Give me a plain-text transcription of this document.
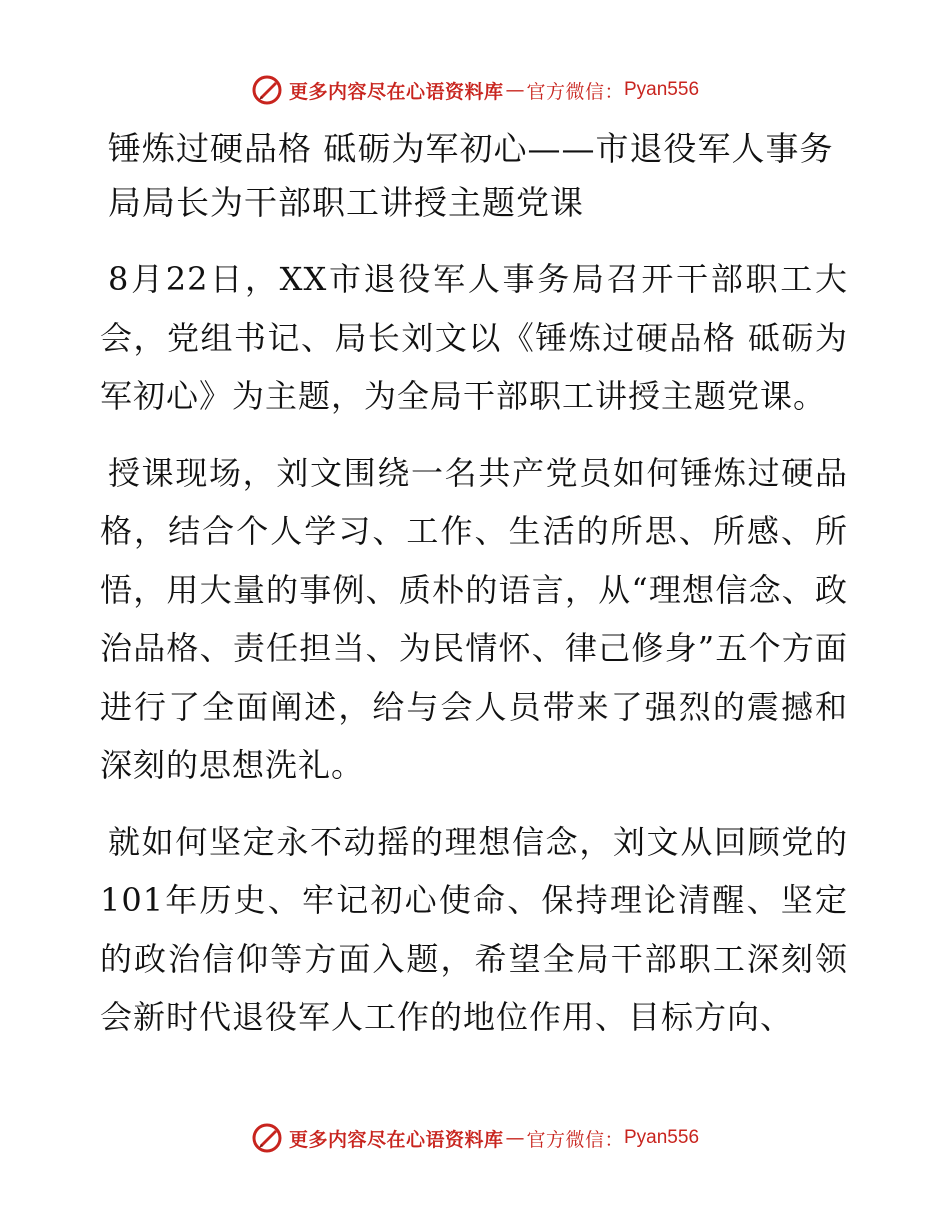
更多内容尽在心语资料库 — 官方微信： Pyan556
锤炼过硬品格 砥砺为军初心——市退役军人事务局局长为干部职工讲授主题党课

8月22日，XX市退役军人事务局召开干部职工大会，党组书记、局长刘文以《锤炼过硬品格 砥砺为军初心》为主题，为全局干部职工讲授主题党课。

授课现场，刘文围绕一名共产党员如何锤炼过硬品格，结合个人学习、工作、生活的所思、所感、所悟，用大量的事例、质朴的语言，从“理想信念、政治品格、责任担当、为民情怀、律己修身”五个方面进行了全面阐述，给与会人员带来了强烈的震撼和深刻的思想洗礼。

就如何坚定永不动摇的理想信念，刘文从回顾党的101年历史、牢记初心使命、保持理论清醒、坚定的政治信仰等方面入题，希望全局干部职工深刻领会新时代退役军人工作的地位作用、目标方向、

更多内容尽在心语资料库 — 官方微信： Pyan556
